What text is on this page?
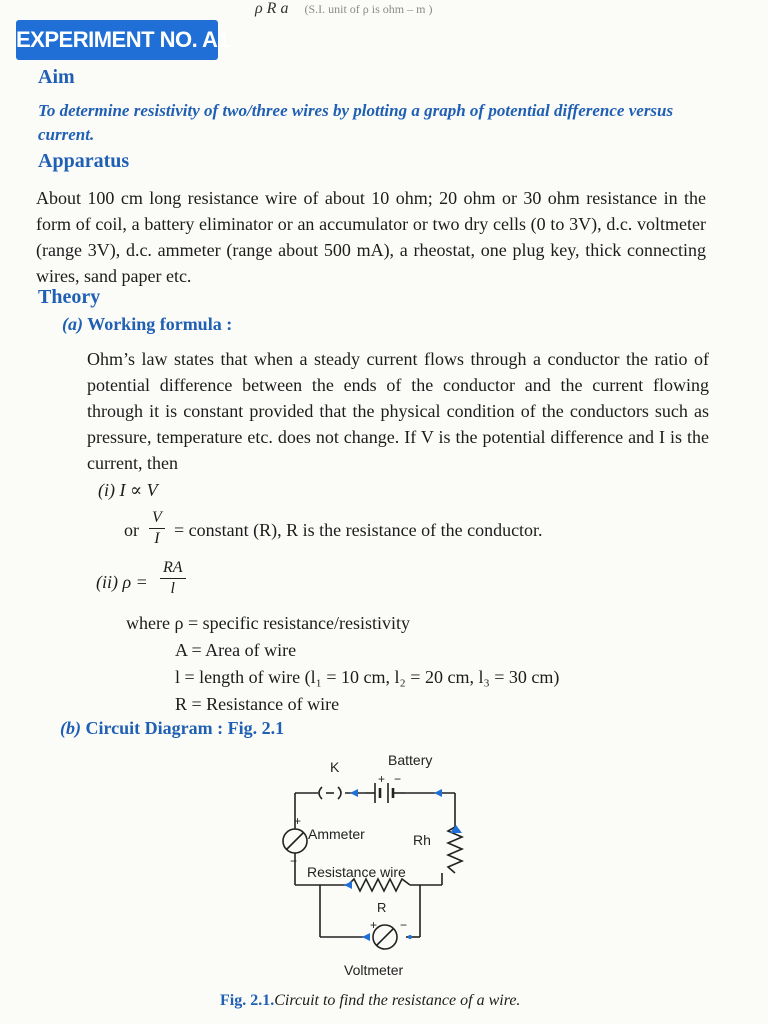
ρ R a (S.I. unit of ρ is ohm – m )
EXPERIMENT NO. A1
Aim
To determine resistivity of two/three wires by plotting a graph of potential difference versus current.
Apparatus
About 100 cm long resistance wire of about 10 ohm; 20 ohm or 30 ohm resistance in the form of coil, a battery eliminator or an accumulator or two dry cells (0 to 3V), d.c. voltmeter (range 3V), d.c. ammeter (range about 500 mA), a rheostat, one plug key, thick connecting wires, sand paper etc.
Theory
(a) Working formula :
Ohm’s law states that when a steady current flows through a conductor the ratio of potential difference between the ends of the conductor and the current flowing through it is constant provided that the physical condition of the conductors such as pressure, temperature etc. does not change. If V is the potential difference and I is the current, then
(i) I ∝ V
or $\frac{V}{I}$ = constant (R), R is the resistance of the conductor.
(ii) $\rho = \frac{RA}{l}$
where ρ = specific resistance/resistivity
A = Area of wire
l = length of wire (l₁ = 10 cm, l₂ = 20 cm, l₃ = 30 cm)
R = Resistance of wire
(b) Circuit Diagram : Fig. 2.1
K	Battery
+ −
+
−
Ammeter	Rh
Resistance wire
R
+ −
Voltmeter
Fig. 2.1.Circuit to find the resistance of a wire.
